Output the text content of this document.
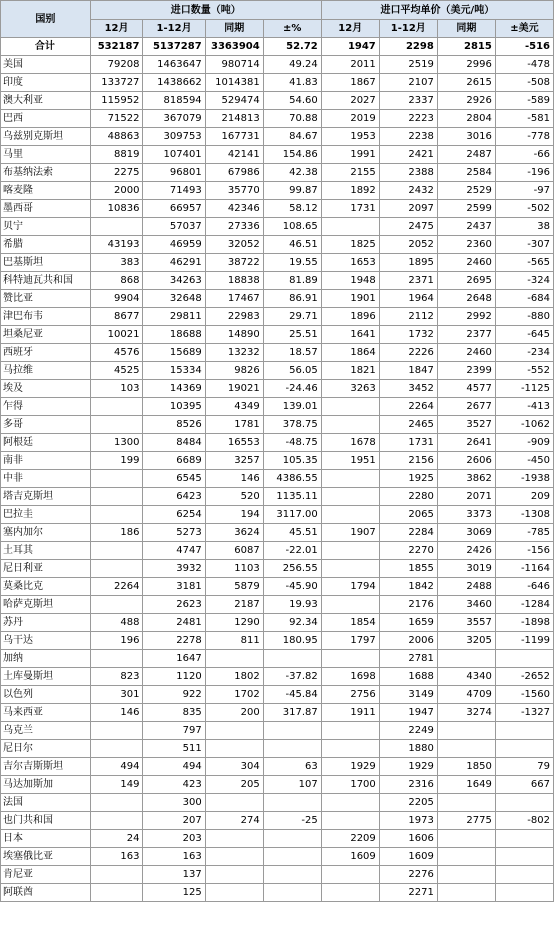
国别	进口数量（吨）				进口平均单价（美元/吨）			
	12月	1-12月	同期	±%	12月	1-12月	同期	±美元
合计	532187	5137287	3363904	52.72	1947	2298	2815	-516
美国	79208	1463647	980714	49.24	2011	2519	2996	-478
印度	133727	1438662	1014381	41.83	1867	2107	2615	-508
澳大利亚	115952	818594	529474	54.60	2027	2337	2926	-589
巴西	71522	367079	214813	70.88	2019	2223	2804	-581
乌兹别克斯坦	48863	309753	167731	84.67	1953	2238	3016	-778
马里	8819	107401	42141	154.86	1991	2421	2487	-66
布基纳法索	2275	96801	67986	42.38	2155	2388	2584	-196
喀麦隆	2000	71493	35770	99.87	1892	2432	2529	-97
墨西哥	10836	66957	42346	58.12	1731	2097	2599	-502
贝宁		57037	27336	108.65		2475	2437	38
希腊	43193	46959	32052	46.51	1825	2052	2360	-307
巴基斯坦	383	46291	38722	19.55	1653	1895	2460	-565
科特迪瓦共和国	868	34263	18838	81.89	1948	2371	2695	-324
赞比亚	9904	32648	17467	86.91	1901	1964	2648	-684
津巴布韦	8677	29811	22983	29.71	1896	2112	2992	-880
坦桑尼亚	10021	18688	14890	25.51	1641	1732	2377	-645
西班牙	4576	15689	13232	18.57	1864	2226	2460	-234
马拉维	4525	15334	9826	56.05	1821	1847	2399	-552
埃及	103	14369	19021	-24.46	3263	3452	4577	-1125
乍得		10395	4349	139.01		2264	2677	-413
多哥		8526	1781	378.75		2465	3527	-1062
阿根廷	1300	8484	16553	-48.75	1678	1731	2641	-909
南非	199	6689	3257	105.35	1951	2156	2606	-450
中非		6545	146	4386.55		1925	3862	-1938
塔吉克斯坦		6423	520	1135.11		2280	2071	209
巴拉圭		6254	194	3117.00		2065	3373	-1308
塞内加尔	186	5273	3624	45.51	1907	2284	3069	-785
土耳其		4747	6087	-22.01		2270	2426	-156
尼日利亚		3932	1103	256.55		1855	3019	-1164
莫桑比克	2264	3181	5879	-45.90	1794	1842	2488	-646
哈萨克斯坦		2623	2187	19.93		2176	3460	-1284
苏丹	488	2481	1290	92.34	1854	1659	3557	-1898
乌干达	196	2278	811	180.95	1797	2006	3205	-1199
加纳		1647				2781		
土库曼斯坦	823	1120	1802	-37.82	1698	1688	4340	-2652
以色列	301	922	1702	-45.84	2756	3149	4709	-1560
马来西亚	146	835	200	317.87	1911	1947	3274	-1327
乌克兰		797				2249		
尼日尔		511				1880		
吉尔吉斯斯坦	494	494	304	63	1929	1929	1850	79
马达加斯加	149	423	205	107	1700	2316	1649	667
法国		300				2205		
也门共和国		207	274	-25		1973	2775	-802
日本	24	203			2209	1606		
埃塞俄比亚	163	163			1609	1609		
肯尼亚		137				2276		
阿联酋		125				2271		
